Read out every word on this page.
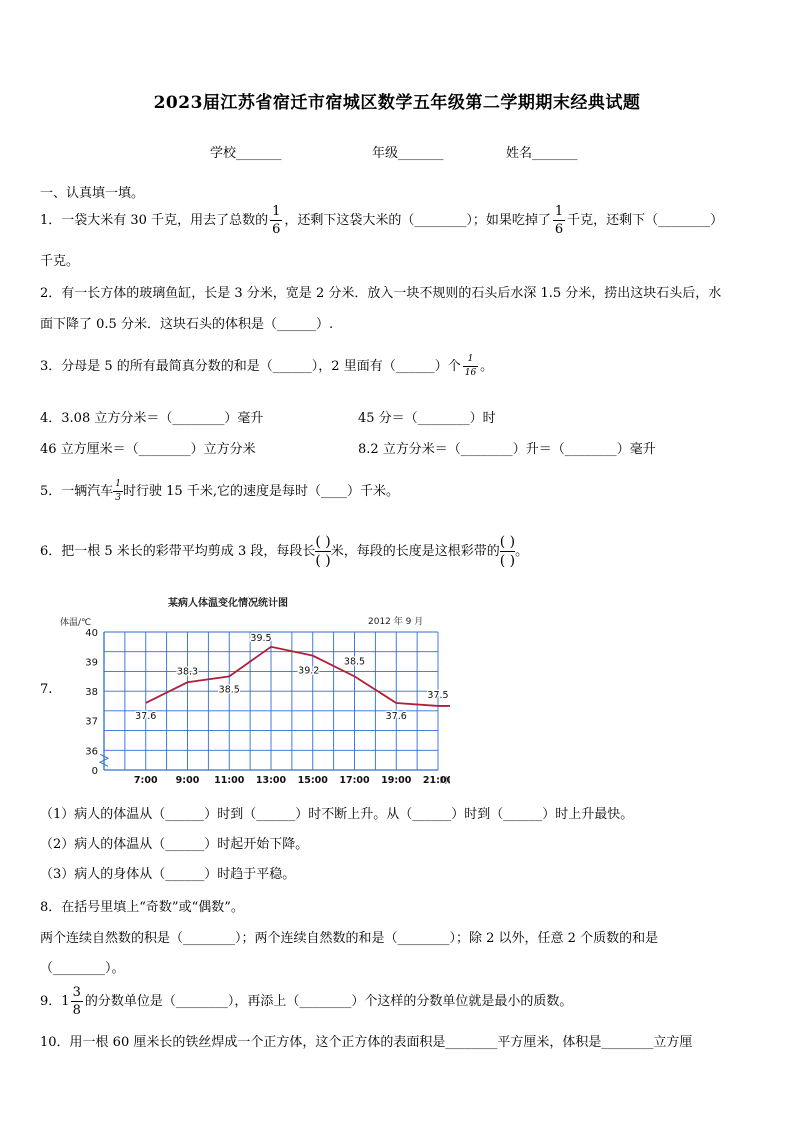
2023届江苏省宿迁市宿城区数学五年级第二学期期末经典试题
学校_______	年级_______	姓名_______
一、认真填一填。
1．一袋大米有 30 千克，用去了总数的 $\frac{1}{6}$ ，还剩下这袋大米的（________）；如果吃掉了 $\frac{1}{6}$ 千克，还剩下（________）
千克。
2．有一长方体的玻璃鱼缸，长是 3 分米，宽是 2 分米．放入一块不规则的石头后水深 1.5 分米，捞出这块石头后，水
面下降了 0.5 分米．这块石头的体积是（______）.
3．分母是 5 的所有最简真分数的和是（______），2 里面有（______）个 $\frac{1}{16}$ 。
4．3.08 立方分米＝（________）毫升	45 分＝（________）时
46 立方厘米＝（________）立方分米	8.2 立方分米＝（________）升＝（________）毫升
5．一辆汽车 $\frac{1}{3}$ 时行驶 15 千米,它的速度是每时（____）千米。
6．把一根 5 米长的彩带平均剪成 3 段，每段长
( )
( )
米，每段的长度是这根彩带的
( )
( )
。
7.
某病人体温变化情况统计图
2012 年 9 月
体温/℃
40
39
38
37
36
0
7:00 9:00 11:00 13:00 15:00 17:00 19:00 21:00
时
37.6
38.3
38.5
39.5
39.2
38.5
37.6
37.5
（1）病人的体温从（______）时到（______）时不断上升。从（______）时到（______）时上升最快。
（2）病人的体温从（______）时起开始下降。
（3）病人的身体从（______）时趋于平稳。
8．在括号里填上“奇数”或“偶数”。
两个连续自然数的积是（________）；两个连续自然数的和是（________）；除 2 以外，任意 2 个质数的和是
（________）。
9．$1 \frac{3}{8}$ 的分数单位是（________），再添上（________）个这样的分数单位就是最小的质数。
10．用一根 60 厘米长的铁丝焊成一个正方体，这个正方体的表面积是________平方厘米，体积是________立方厘
